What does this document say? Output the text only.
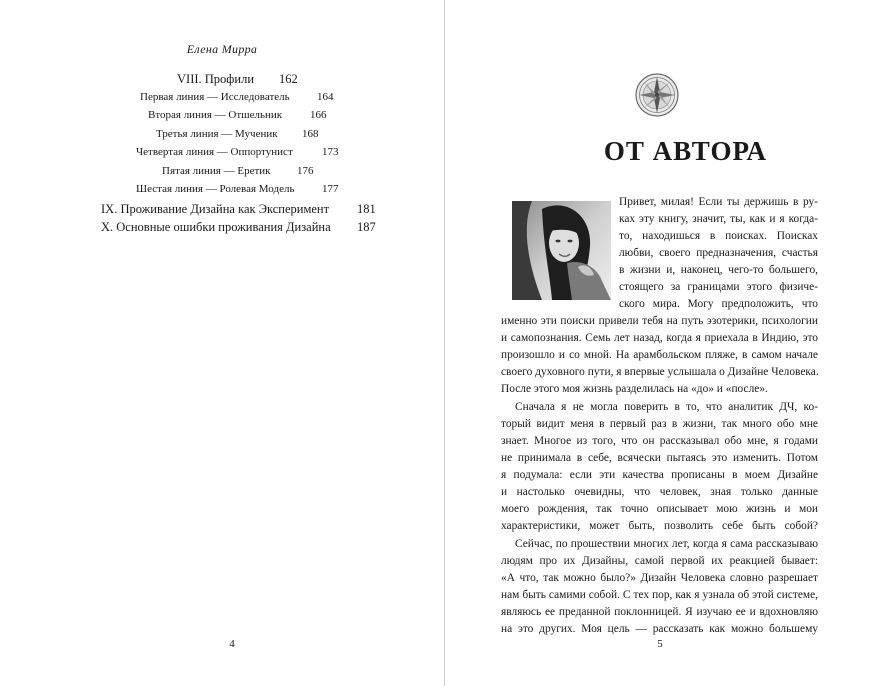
Елена Мирра
VIII. Профили 162
Первая линия — Исследователь 164
Вторая линия — Отшельник	166
Третья линия — Мученик 168
Четвертая линия — Оппортунист	173
Пятая линия — Еретик 176
Шестая линия — Ролевая Модель	177
IX. Проживание Дизайна как Эксперимент 181
X. Основные ошибки проживания Дизайна 187
4
ОТ АВТОРА
Привет, милая! Если ты держишь в ру-
ках эту книгу, значит, ты, как и я когда-
то, находишься в поисках. Поисках
любви, своего предназначения, счастья
в жизни и, наконец, чего-то большего,
стоящего за границами этого физиче-
ского мира. Могу предположить, что
именно эти поиски привели тебя на путь эзотерики, психологии
и самопознания. Семь лет назад, когда я приехала в Индию, это
произошло и со мной. На арамбольском пляже, в самом начале
своего духовного пути, я впервые услышала о Дизайне Человека.
После этого моя жизнь разделилась на «до» и «после».
Сначала я не могла поверить в то, что аналитик ДЧ, ко-
торый видит меня в первый раз в жизни, так много обо мне
знает. Многое из того, что он рассказывал обо мне, я годами
не принимала в себе, всячески пытаясь это изменить. Потом
я подумала: если эти качества прописаны в моем Дизайне
и настолько очевидны, что человек, зная только данные
моего рождения, так точно описывает мою жизнь и мои
характеристики, может быть, позволить себе быть собой?
Сейчас, по прошествии многих лет, когда я сама рассказываю
людям про их Дизайны, самой первой их реакцией бывает:
«А что, так можно было?» Дизайн Человека словно разрешает
нам быть самими собой. С тех пор, как я узнала об этой системе,
являюсь ее преданной поклонницей. Я изучаю ее и вдохновляю
на это других. Моя цель — рассказать как можно большему
5
